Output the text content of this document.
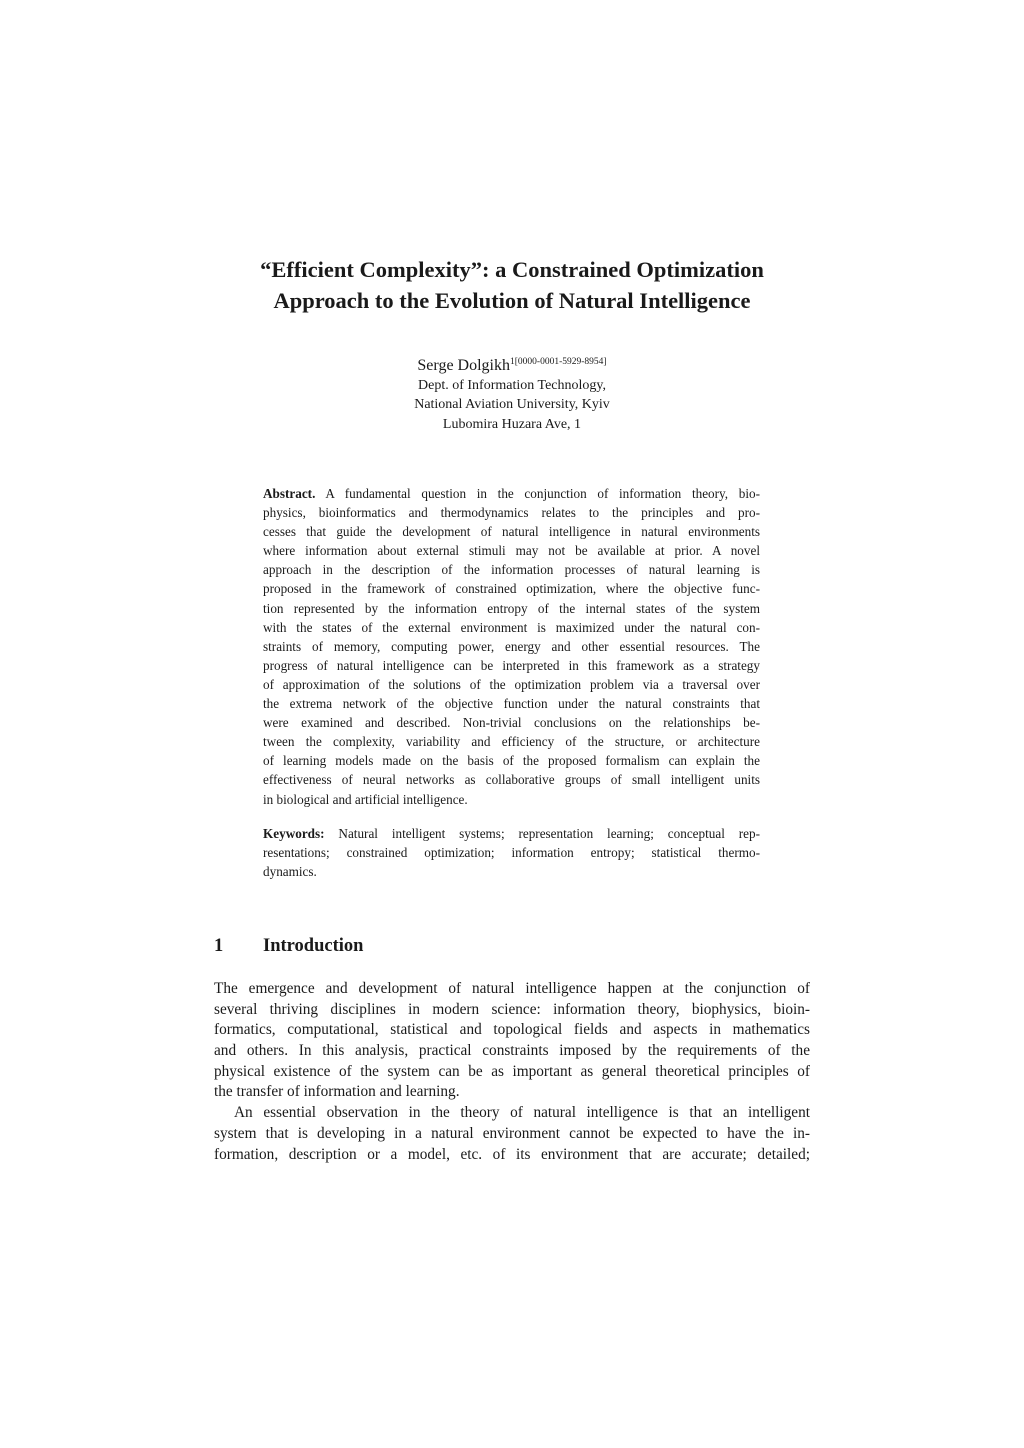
“Efficient Complexity”: a Constrained Optimization
Approach to the Evolution of Natural Intelligence
Serge Dolgikh$^{1[0000-0001-5929-8954]}$
Dept. of Information Technology,
National Aviation University, Kyiv
Lubomira Huzara Ave, 1
Abstract. A fundamental question in the conjunction of information theory, bio-
physics, bioinformatics and thermodynamics relates to the principles and pro-
cesses that guide the development of natural intelligence in natural environments
where information about external stimuli may not be available at prior. A novel
approach in the description of the information processes of natural learning is
proposed in the framework of constrained optimization, where the objective func-
tion represented by the information entropy of the internal states of the system
with the states of the external environment is maximized under the natural con-
straints of memory, computing power, energy and other essential resources. The
progress of natural intelligence can be interpreted in this framework as a strategy
of approximation of the solutions of the optimization problem via a traversal over
the extrema network of the objective function under the natural constraints that
were examined and described. Non-trivial conclusions on the relationships be-
tween the complexity, variability and efficiency of the structure, or architecture
of learning models made on the basis of the proposed formalism can explain the
effectiveness of neural networks as collaborative groups of small intelligent units
in biological and artificial intelligence.
Keywords: Natural intelligent systems; representation learning; conceptual rep-
resentations; constrained optimization; information entropy; statistical thermo-
dynamics.
1 Introduction
The emergence and development of natural intelligence happen at the conjunction of
several thriving disciplines in modern science: information theory, biophysics, bioin-
formatics, computational, statistical and topological fields and aspects in mathematics
and others. In this analysis, practical constraints imposed by the requirements of the
physical existence of the system can be as important as general theoretical principles of
the transfer of information and learning.
An essential observation in the theory of natural intelligence is that an intelligent
system that is developing in a natural environment cannot be expected to have the in-
formation, description or a model, etc. of its environment that are accurate; detailed;
